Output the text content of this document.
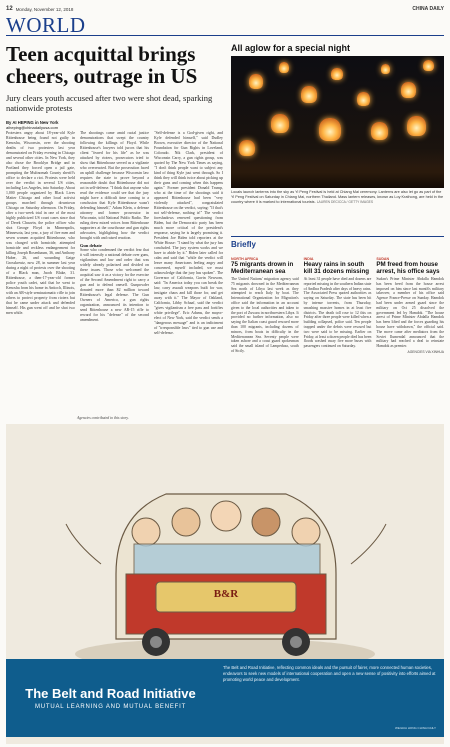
12 Monday, November 12, 2018	CHINA DAILY
WORLD
Teen acquittal brings cheers, outrage in US
Jury clears youth accused after two were shot dead, sparking nationwide protests
By AI HEPING in New York
aiheping@chinadailyusa.com
Protesters angry about 18-year-old Kyle Rittenhouse being found not guilty in Kenosha, Wisconsin, over the shooting deaths of two protesters last year demonstrated on Friday evening in Chicago and several other cities. In New York, they also chose the Brooklyn Bridge and in Portland they forced open a jail gate, prompting the Multnomah County sheriff's office to declare a riot. Protests were held over the verdict in several US cities, including Los Angeles, into Saturday. About 1,000 people organized by Black Lives Matter Chicago and other local activist groups marched through downtown Chicago on Saturday afternoon. On Friday, after a two-week trial in one of the most highly publicized US court cases since that of Derek Chauvin, the police officer who shot George Floyd in Minneapolis, Minnesota, last year, a jury of five men and seven women acquitted Rittenhouse, who was charged with homicide, attempted homicide and reckless endangerment for killing Joseph Rosenbaum, 36, and Anthony Huber, 26, and wounding Gaige Grosskreutz, now 28, in summer last year during a night of protests over the shooting of a Black man, Jacob Blake, 31. Rittenhouse, a then-17-year-old former police youth cadet, said that he went to Kenosha from his home in Antioch, Illinois, with an AR-style semiautomatic rifle to join others to protect property from rioters but that he came under attack and defended himself. His gun went off and he shot two men while.
The shootings came amid racial justice demonstrations that swept the country following the killings of Floyd. While Rittenhouse's lawyers told jurors that his client "feared for his life" as he was attacked by rioters, prosecutors tried to show that Rittenhouse served as a vigilante who overreacted. But the prosecution faced an uphill challenge because Wisconsin law requires the state to prove beyond a reasonable doubt that Rittenhouse did not act in self-defense. "I think that anyone who read the evidence could see that the jury might have a difficult time coming to a conclusion that Kyle Rittenhouse wasn't defending himself," Adam Klein, a defense attorney and former prosecutor in Wisconsin, told National Public Radio. The ruling drew mixed voices from Rittenhouse supporters at the courthouse and gun rights advocates, highlighting how the verdict brought with and raised reaction.
Gun debate
Some who condemned the verdict fear that it will intensify a national debate over guns, vigilantism and law and order that was widely already polarized and divided on these issues. Those who welcomed the acquittal saw it as a victory for the exercise of the Second Amendment right to carry a gun and to defend oneself. Gunpowder donated more than $2 million toward Rittenhouse's legal defense. The Gun Owners of America, a gun rights organization, announced its intention to send Rittenhouse a new AR-15 rifle to reward for his "defense" of the second amendment.
"Self-defense is a God-given right, and Kyle defended himself," said Dudley Brown, executive director of the National Foundation for Gun Rights in Loveland, Colorado. Nik Clark, president of Wisconsin Carry, a gun rights group, was quoted by The New York Times as saying, "I don't think people want to subject any kind of thing Kyle just went through. So I think they will think twice about picking up their guns and coming when this happens again." Former president Donald Trump, who at the time of the shootings said it appeared Rittenhouse had been "very violently attacked", congratulated Rittenhouse on the verdict, saying: "If that's not self-defense, nothing is!" The verdict foreshadows renewed questioning from Biden, but the Democratic party has been much more critical of the president's response, saying he is largely promising it. President Joe Biden told reporters at the White House: "I stand by what the jury has concluded. The jury system works and we have to abide by it." Biden later called for calm and said that "while the verdict will leave many Americans feeling angry and concerned, myself included, we must acknowledge that the jury has spoken". The Governor of California, Gavin Newsom, said: "In America today you can break the law, carry assault weapons built for war, instigate chaos and kill those for, and get away with it." The Mayor of Oakland, California, Libby Schaaf, said the verdict "gives vigilantism a free pass and fortifies white privilege". Eric Adams, the mayor-elect of New York, said the verdict sends a "dangerous message" and is an indictment of "irresponsible laws" tied to gun use and self-defense.
All aglow for a special night
Locals launch lanterns into the sky as Yi Peng Festival is held at Chiang Mai ceremony. Lanterns are also let go as part of the Yi Peng Festival on Saturday in Chiang Mai, northern Thailand. Mass lantern releases, known as Loy Krathong, are held in the country where it is marked to international tourists. LAUREN DECICCA / GETTY IMAGES
Briefly
NORTH AFRICA
75 migrants drown in Mediterranean sea
The United Nations' migration agency said 75 migrants drowned in the Mediterranean Sea north of Libya last week as they attempted to reach Italy by boat. The International Organization for Migration's office said the information in an account given to the local authorities and taken to the port of Zuwara in northwestern Libya. It provided no further information, also no saying the Italian coast guard rescued more than 100 migrants, including dozens of minors, from boats in difficulty in the Mediterranean Sea. Seventy people were taken ashore and a coast guard spokesman said the small island of Lampedusa, south of Sicily.
INDIA
Heavy rains in south kill 31 dozens missing
At least 31 people have died and dozens are reported missing in the southern Indian state of Andhra Pradesh after days of heavy rains. The Associated Press quoted authorities as saying on Saturday. The state has been hit by intense torrents, from Thursday, smashing massive homes in at least five districts. The death toll rose to 12 this on Friday after three people were killed when a building collapsed, police said. Ten people trapped under the debris were rescued but two were said to be missing. Earlier on Friday, at least a dozen people died has been floods washed away five more buses with passengers continued on Saturday.
SUDAN
PM freed from house arrest, his office says
Sudan's Prime Minister Abdalla Hamdok has been freed from the house arrest imposed on him since last month's military takeover, a member of his office said Agence France-Presse on Sunday. Hamdok had been under armed guard since the military on Oct 25 dissolved the government led by Hamdok. "The house arrest of Prime Minister Abdalla Hamdok has been lifted and the forces guarding his house have withdrawn," the official said. The move came after mediators from the Soviet Ilumendal announced that the military had reached a deal to reinstate Hamdok as premier.
AGENCIES VIA XINHUA
Agencies contributed to this story.
B&R
The Belt and Road Initiative
MUTUAL LEARNING AND MUTUAL BENEFIT
The Belt and Road Initiative, reflecting common ideals and the pursuit of fairer, more connected human societies, endeavors to seek new models of international cooperation and open a new sense of positivity into efforts aimed at promoting world peace and development.
WEIHUA HONG CHINA DAILY
